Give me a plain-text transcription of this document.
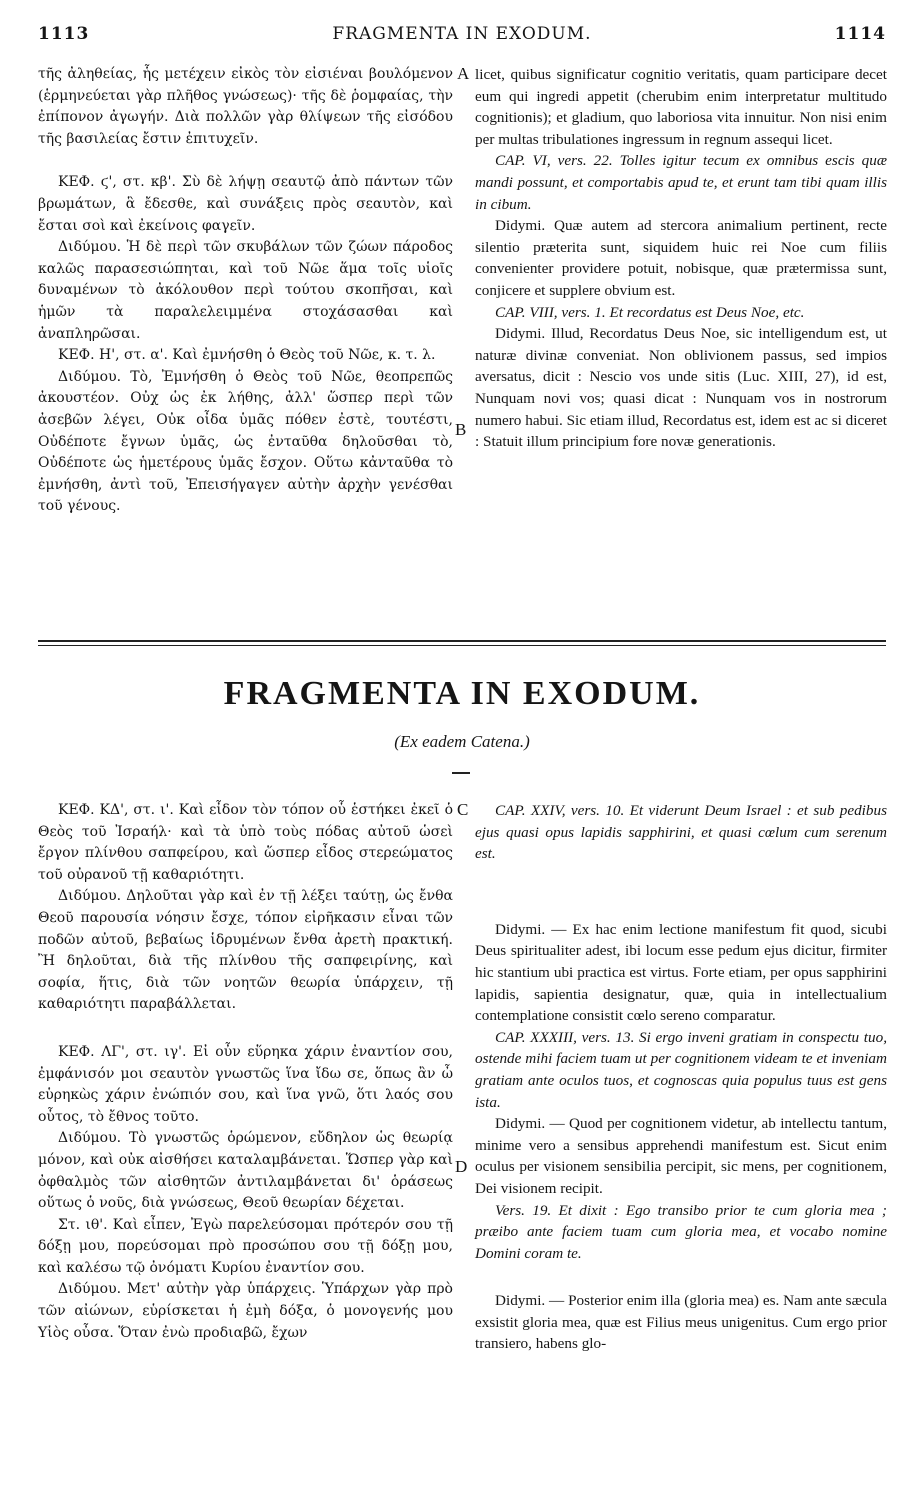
1113	FRAGMENTA IN EXODUM.	1114

τῆς ἀληθείας, ἧς μετέχειν εἰκὸς τὸν εἰσιέναι βουλόμενον (ἑρμηνεύεται γὰρ πλῆθος γνώσεως)· τῆς δὲ ῥομφαίας, τὴν ἐπίπονον ἀγωγήν. Διὰ πολλῶν γὰρ θλίψεων τῆς εἰσόδου τῆς βασιλείας ἔστιν ἐπιτυχεῖν.

ΚΕΦ. ϛ', στ. κβ'. Σὺ δὲ λήψῃ σεαυτῷ ἀπὸ πάντων τῶν βρωμάτων, ἃ ἔδεσθε, καὶ συνάξεις πρὸς σεαυτὸν, καὶ ἔσται σοὶ καὶ ἐκείνοις φαγεῖν.

Διδύμου. Ἡ δὲ περὶ τῶν σκυβάλων τῶν ζώων πάροδος καλῶς παρασεσιώπηται, καὶ τοῦ Νῶε ἅμα τοῖς υἱοῖς δυναμένων τὸ ἀκόλουθον περὶ τούτου σκοπῆσαι, καὶ ἡμῶν τὰ παραλελειμμένα στοχάσασθαι καὶ ἀναπληρῶσαι.

ΚΕΦ. Η', στ. α'. Καὶ ἐμνήσθη ὁ Θεὸς τοῦ Νῶε, κ. τ. λ.

Διδύμου. Τὸ, Ἐμνήσθη ὁ Θεὸς τοῦ Νῶε, θεοπρεπῶς ἀκουστέον. Οὐχ ὡς ἐκ λήθης, ἀλλ' ὥσπερ περὶ τῶν ἀσεβῶν λέγει, Οὐκ οἶδα ὑμᾶς πόθεν ἐστὲ, τουτέστι, Οὐδέποτε ἔγνων ὑμᾶς, ὡς ἐνταῦθα δηλοῦσθαι τὸ, Οὐδέποτε ὡς ἡμετέρους ὑμᾶς ἔσχον. Οὕτω κἀνταῦθα τὸ ἐμνήσθη, ἀντὶ τοῦ, Ἐπεισήγαγεν αὐτὴν ἀρχὴν γενέσθαι τοῦ γένους.

licet, quibus significatur cognitio veritatis, quam participare decet eum qui ingredi appetit (cherubim enim interpretatur multitudo cognitionis); et gladium, quo laboriosa vita innuitur. Non nisi enim per multas tribulationes ingressum in regnum assequi licet.

CAP. VI, vers. 22. Tolles igitur tecum ex omnibus escis quæ mandi possunt, et comportabis apud te, et erunt tam tibi quam illis in cibum.

Didymi. Quæ autem ad stercora animalium pertinent, recte silentio præterita sunt, siquidem huic rei Noe cum filiis convenienter providere potuit, nobisque, quæ prætermissa sunt, conjicere et supplere obvium est.

CAP. VIII, vers. 1. Et recordatus est Deus Noe, etc.

Didymi. Illud, Recordatus Deus Noe, sic intelligendum est, ut naturæ divinæ conveniat. Non oblivionem passus, sed impios aversatus, dicit : Nescio vos unde sitis (Luc. XIII, 27), id est, Nunquam novi vos; quasi dicat : Nunquam vos in nostrorum numero habui. Sic etiam illud, Recordatus est, idem est ac si diceret : Statuit illum principium fore novæ generationis.

A
B
FRAGMENTA IN EXODUM.
(Ex eadem Catena.)

ΚΕΦ. ΚΔ', στ. ι'. Καὶ εἶδον τὸν τόπον οὗ ἑστήκει ἐκεῖ ὁ Θεὸς τοῦ Ἰσραήλ· καὶ τὰ ὑπὸ τοὺς πόδας αὐτοῦ ὡσεὶ ἔργον πλίνθου σαπφείρου, καὶ ὥσπερ εἶδος στερεώματος τοῦ οὐρανοῦ τῇ καθαριότητι.

Διδύμου. Δηλοῦται γὰρ καὶ ἐν τῇ λέξει ταύτῃ, ὡς ἔνθα Θεοῦ παρουσία νόησιν ἔσχε, τόπον εἰρῆκασιν εἶναι τῶν ποδῶν αὐτοῦ, βεβαίως ἱδρυμένων ἔνθα ἀρετὴ πρακτική. Ἢ δηλοῦται, διὰ τῆς πλίνθου τῆς σαπφειρίνης, καὶ σοφία, ἥτις, διὰ τῶν νοητῶν θεωρία ὑπάρχειν, τῇ καθαριότητι παραβάλλεται.

ΚΕΦ. ΛΓ', στ. ιγ'. Εἰ οὖν εὕρηκα χάριν ἐναντίον σου, ἐμφάνισόν μοι σεαυτὸν γνωστῶς ἵνα ἴδω σε, ὅπως ἂν ὦ εὑρηκὼς χάριν ἐνώπιόν σου, καὶ ἵνα γνῶ, ὅτι λαός σου οὗτος, τὸ ἔθνος τοῦτο.

Διδύμου. Τὸ γνωστῶς ὁρώμενον, εὔδηλον ὡς θεωρίᾳ μόνον, καὶ οὐκ αἰσθήσει καταλαμβάνεται. Ὥσπερ γὰρ καὶ ὀφθαλμὸς τῶν αἰσθητῶν ἀντιλαμβάνεται δι' ὁράσεως οὕτως ὁ νοῦς, διὰ γνώσεως, Θεοῦ θεωρίαν δέχεται.

Στ. ιθ'. Καὶ εἶπεν, Ἐγὼ παρελεύσομαι πρότερόν σου τῇ δόξῃ μου, πορεύσομαι πρὸ προσώπου σου τῇ δόξῃ μου, καὶ καλέσω τῷ ὀνόματι Κυρίου ἐναντίον σου.

Διδύμου. Μετ' αὐτὴν γὰρ ὑπάρχεις. Ὑπάρχων γὰρ πρὸ τῶν αἰώνων, εὑρίσκεται ἡ ἐμὴ δόξα, ὁ μονογενής μου Υἱὸς οὖσα. Ὅταν ἐνὼ προδιαβῶ, ἔχων

CAP. XXIV, vers. 10. Et viderunt Deum Israel : et sub pedibus ejus quasi opus lapidis sapphirini, et quasi cœlum cum serenum est.

Didymi. — Ex hac enim lectione manifestum fit quod, sicubi Deus spiritualiter adest, ibi locum esse pedum ejus dicitur, firmiter hic stantium ubi practica est virtus. Forte etiam, per opus sapphirini lapidis, sapientia designatur, quæ, quia in intellectualium contemplatione consistit cœlo sereno comparatur.

CAP. XXXIII, vers. 13. Si ergo inveni gratiam in conspectu tuo, ostende mihi faciem tuam ut per cognitionem videam te et inveniam gratiam ante oculos tuos, et cognoscas quia populus tuus est gens ista.

Didymi. — Quod per cognitionem videtur, ab intellectu tantum, minime vero a sensibus apprehendi manifestum est. Sicut enim oculus per visionem sensibilia percipit, sic mens, per cognitionem, Dei visionem recipit.

Vers. 19. Et dixit : Ego transibo prior te cum gloria mea ; præibo ante faciem tuam cum gloria mea, et vocabo nomine Domini coram te.

Didymi. — Posterior enim illa (gloria mea) es. Nam ante sæcula exsistit gloria mea, quæ est Filius meus unigenitus. Cum ergo prior transiero, habens glo-

C
D
